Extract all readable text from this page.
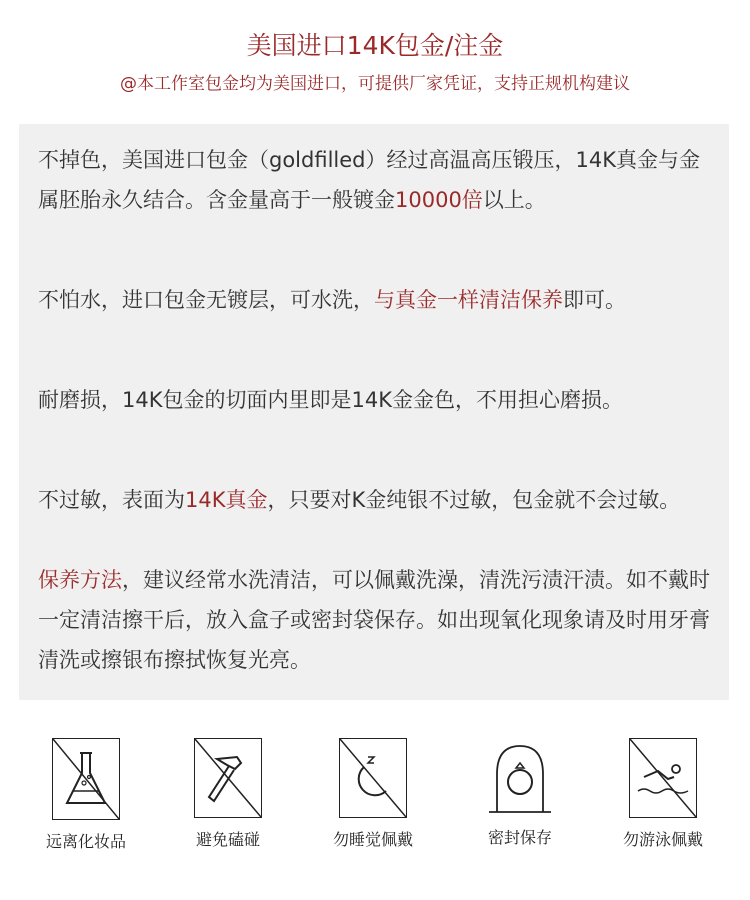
美国进口14K包金/注金
@本工作室包金均为美国进口，可提供厂家凭证，支持正规机构建议
不掉色，美国进口包金（goldfilled）经过高温高压锻压，14K真金与金属胚胎永久结合。含金量高于一般镀金10000倍以上。
不怕水，进口包金无镀层，可水洗，与真金一样清洁保养即可。
耐磨损，14K包金的切面内里即是14K金金色，不用担心磨损。
不过敏，表面为14K真金，只要对K金纯银不过敏，包金就不会过敏。
保养方法，建议经常水洗清洁，可以佩戴洗澡，清洗污渍汗渍。如不戴时一定清洁擦干后，放入盒子或密封袋保存。如出现氧化现象请及时用牙膏清洗或擦银布擦拭恢复光亮。
远离化妆品	避免磕碰	勿睡觉佩戴	密封保存	勿游泳佩戴
